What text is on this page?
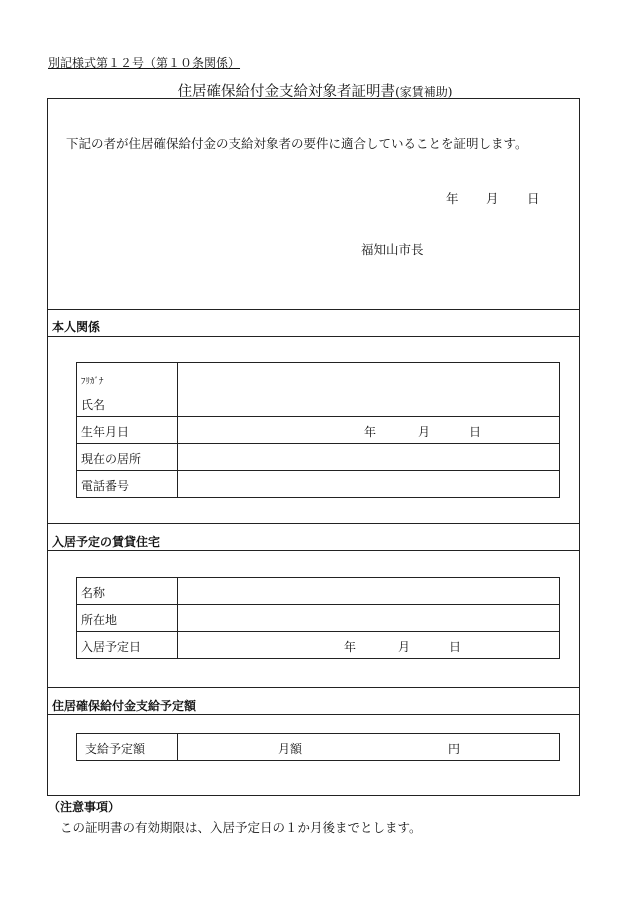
別記様式第１２号（第１０条関係）
住居確保給付金支給対象者証明書(家賃補助)
下記の者が住居確保給付金の支給対象者の要件に適合していることを証明します。
年 月 日
福知山市長
本人関係
ﾌﾘｶﾞﾅ
氏名	
生年月日	年 月 日

現在の居所	
電話番号	
入居予定の賃貸住宅
名称	
所在地	
入居予定日	年 月 日
住居確保給付金支給予定額
支給予定額	月額	円
（注意事項）
この証明書の有効期限は、入居予定日の１か月後までとします。
